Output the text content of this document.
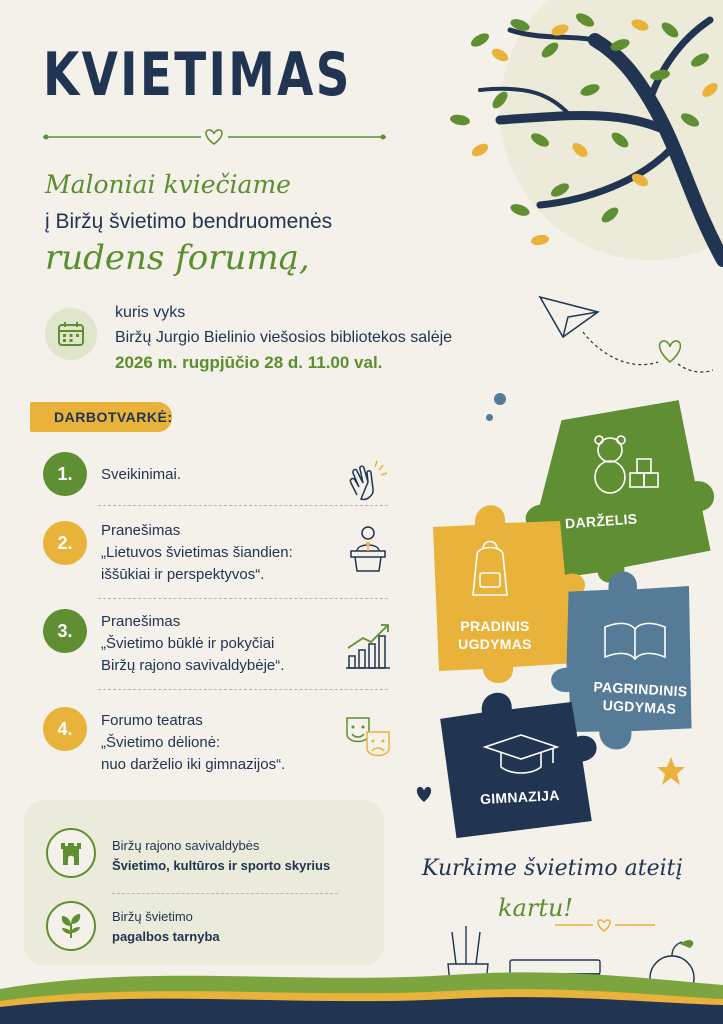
KVIETIMAS
Maloniai kviečiame
į Biržų švietimo bendruomenės
rudens forumą,
kuris vyks
Biržų Jurgio Bielinio viešosios bibliotekos salėje
2026 m. rugpjūčio 28 d. 11.00 val.
DARBOTVARKĖ:
1.	Sveikinimai.
2.
Pranešimas
„Lietuvos švietimas šiandien:
iššūkiai ir perspektyvos“.
3.	Pranešimas
„Švietimo būklė ir pokyčiai
Biržų rajono savivaldybėje“.
4.	Forumo teatras
„Švietimo dėlionė:
nuo darželio iki gimnazijos“.
DARŽELIS
PRADINIS
UGDYMAS
PAGRINDINIS
UGDYMAS
GIMNAZIJA
Biržų rajono savivaldybės
Švietimo, kultūros ir sporto skyrius
Biržų švietimo
pagalbos tarnyba
Kurkime švietimo ateitį
kartu!
